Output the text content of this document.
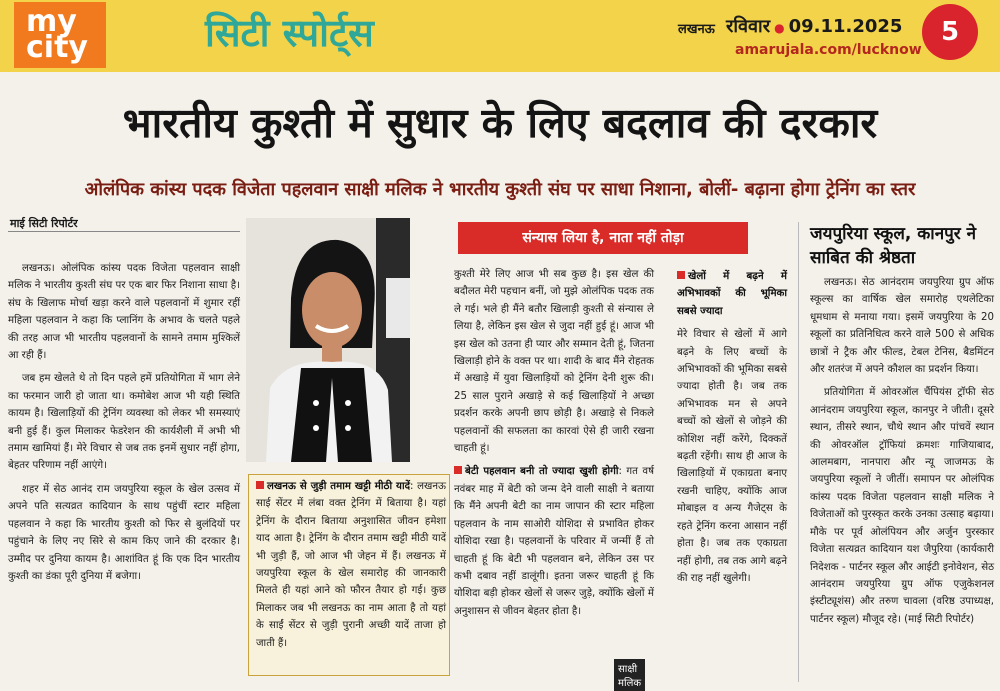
my
city	सिटी स्पोर्ट्स	लखनऊ रविवार ● 09.11.2025
amarujala.com/lucknow
5
भारतीय कुश्ती में सुधार के लिए बदलाव की दरकार
ओलंपिक कांस्य पदक विजेता पहलवान साक्षी मलिक ने भारतीय कुश्ती संघ पर साधा निशाना, बोलीं- बढ़ाना होगा ट्रेनिंग का स्तर
माई सिटी रिपोर्टर

लखनऊ। ओलंपिक कांस्य पदक विजेता पहलवान साक्षी मलिक ने भारतीय कुश्ती संघ पर एक बार फिर निशाना साधा है। संघ के खिलाफ मोर्चा खड़ा करने वाले पहलवानों में शुमार रहीं महिला पहलवान ने कहा कि प्लानिंग के अभाव के चलते पहले की तरह आज भी भारतीय पहलवानों के सामने तमाम मुश्किलें आ रही हैं।

जब हम खेलते थे तो दिन पहले हमें प्रतियोगिता में भाग लेने का फरमान जारी हो जाता था। कमोबेश आज भी यही स्थिति कायम है। खिलाड़ियों की ट्रेनिंग व्यवस्था को लेकर भी समस्याएं बनी हुई हैं। कुल मिलाकर फेडरेशन की कार्यशैली में अभी भी तमाम खामियां हैं। मेरे विचार से जब तक इनमें सुधार नहीं होगा, बेहतर परिणाम नहीं आएंगे।

शहर में सेठ आनंद राम जयपुरिया स्कूल के खेल उत्सव में अपने पति सत्यव्रत कादियान के साथ पहुंचीं स्टार महिला पहलवान ने कहा कि भारतीय कुश्ती को फिर से बुलंदियों पर पहुंचाने के लिए नए सिरे से काम किए जाने की दरकार है। उम्मीद पर दुनिया कायम है। आशांवित हूं कि एक दिन भारतीय कुश्ती का डंका पूरी दुनिया में बजेगा।

साक्षी मलिक
लखनऊ से जुड़ी तमाम खट्टी मीठी यादें: लखनऊ साई सेंटर में लंबा वक्त ट्रेनिंग में बिताया है। यहां ट्रेनिंग के दौरान बिताया अनुशासित जीवन हमेशा याद आता है। ट्रेनिंग के दौरान तमाम खट्टी मीठी यादें भी जुड़ी हैं, जो आज भी जेहन में हैं। लखनऊ में जयपुरिया स्कूल के खेल समारोह की जानकारी मिलते ही यहां आने को फौरन तैयार हो गई। कुछ मिलाकर जब भी लखनऊ का नाम आता है तो यहां के साईं सेंटर से जुड़ी पुरानी अच्छी यादें ताजा हो जाती हैं।
संन्यास लिया है, नाता नहीं तोड़ा

कुश्ती मेरे लिए आज भी सब कुछ है। इस खेल की बदौलत मेरी पहचान बनीं, जो मुझे ओलंपिक पदक तक ले गई। भले ही मैंने बतौर खिलाड़ी कुश्ती से संन्यास ले लिया है, लेकिन इस खेल से जुदा नहीं हुई हूं। आज भी इस खेल को उतना ही प्यार और सम्मान देती हूं, जितना खिलाड़ी होने के वक्त पर था। शादी के बाद मैंने रोहतक में अखाड़े में युवा खिलाड़ियों को ट्रेनिंग देनी शुरू की। 25 साल पुराने अखाड़े से कई खिलाड़ियों ने अच्छा प्रदर्शन करके अपनी छाप छोड़ी है। अखाड़े से निकले पहलवानों की सफलता का कारवां ऐसे ही जारी रखना चाहती हूं।

बेटी पहलवान बनी तो ज्यादा खुशी होगी: गत वर्ष नवंबर माह में बेटी को जन्म देने वाली साक्षी ने बताया कि मैंने अपनी बेटी का नाम जापान की स्टार महिला पहलवान के नाम साओरी योशिदा से प्रभावित होकर योशिदा रखा है। पहलवानों के परिवार में जन्मीं हैं तो चाहती हूं कि बेटी भी पहलवान बने, लेकिन उस पर कभी दबाव नहीं डालूंगी। इतना जरूर चाहती हूं कि योशिदा बड़ी होकर खेलों से जरूर जुड़े, क्योंकि खेलों में अनुशासन से जीवन बेहतर होता है।

खेलों में बढ़ने में अभिभावकों की भूमिका सबसे ज्यादा

मेरे विचार से खेलों में आगे बढ़ने के लिए बच्चों के अभिभावकों की भूमिका सबसे ज्यादा होती है। जब तक अभिभावक मन से अपने बच्चों को खेलों से जोड़ने की कोशिश नहीं करेंगे, दिक्कतें बढ़ती रहेंगी। साथ ही आज के खिलाड़ियों में एकाग्रता बनाए रखनी चाहिए, क्योंकि आज मोबाइल व अन्य गैजेट्स के रहते ट्रेनिंग करना आसान नहीं होता है। जब तक एकाग्रता नहीं होगी, तब तक आगे बढ़ने की राह नहीं खुलेगी।

जयपुरिया स्कूल, कानपुर ने साबित की श्रेष्ठता

लखनऊ। सेठ आनंदराम जयपुरिया ग्रुप ऑफ स्कूल्स का वार्षिक खेल समारोह एथलेटिका धूमधाम से मनाया गया। इसमें जयपुरिया के 20 स्कूलों का प्रतिनिधित्व करने वाले 500 से अधिक छात्रों ने ट्रैक और फील्ड, टेबल टेनिस, बैडमिंटन और शतरंज में अपने कौशल का प्रदर्शन किया।

प्रतियोगिता में ओवरऑल चैंपियंस ट्रॉफी सेठ आनंदराम जयपुरिया स्कूल, कानपुर ने जीती। दूसरे स्थान, तीसरे स्थान, चौथे स्थान और पांचवें स्थान की ओवरऑल ट्रॉफियां क्रमशः गाजियाबाद, आलमबाग, नानपारा और न्यू जाजमऊ के जयपुरिया स्कूलों ने जीतीं। समापन पर ओलंपिक कांस्य पदक विजेता पहलवान साक्षी मलिक ने विजेताओं को पुरस्कृत करके उनका उत्साह बढ़ाया। मौके पर पूर्व ओलंपियन और अर्जुन पुरस्कार विजेता सत्यव्रत कादियान यश जैपुरिया (कार्यकारी निदेशक - पार्टनर स्कूल और आईटी इनोवेशन, सेठ आनंदराम जयपुरिया ग्रुप ऑफ एजुकेशनल इंस्टीट्यूशंस) और तरुण चावला (वरिष्ठ उपाध्यक्ष, पार्टनर स्कूल) मौजूद रहे। (माई सिटी रिपोर्टर)
